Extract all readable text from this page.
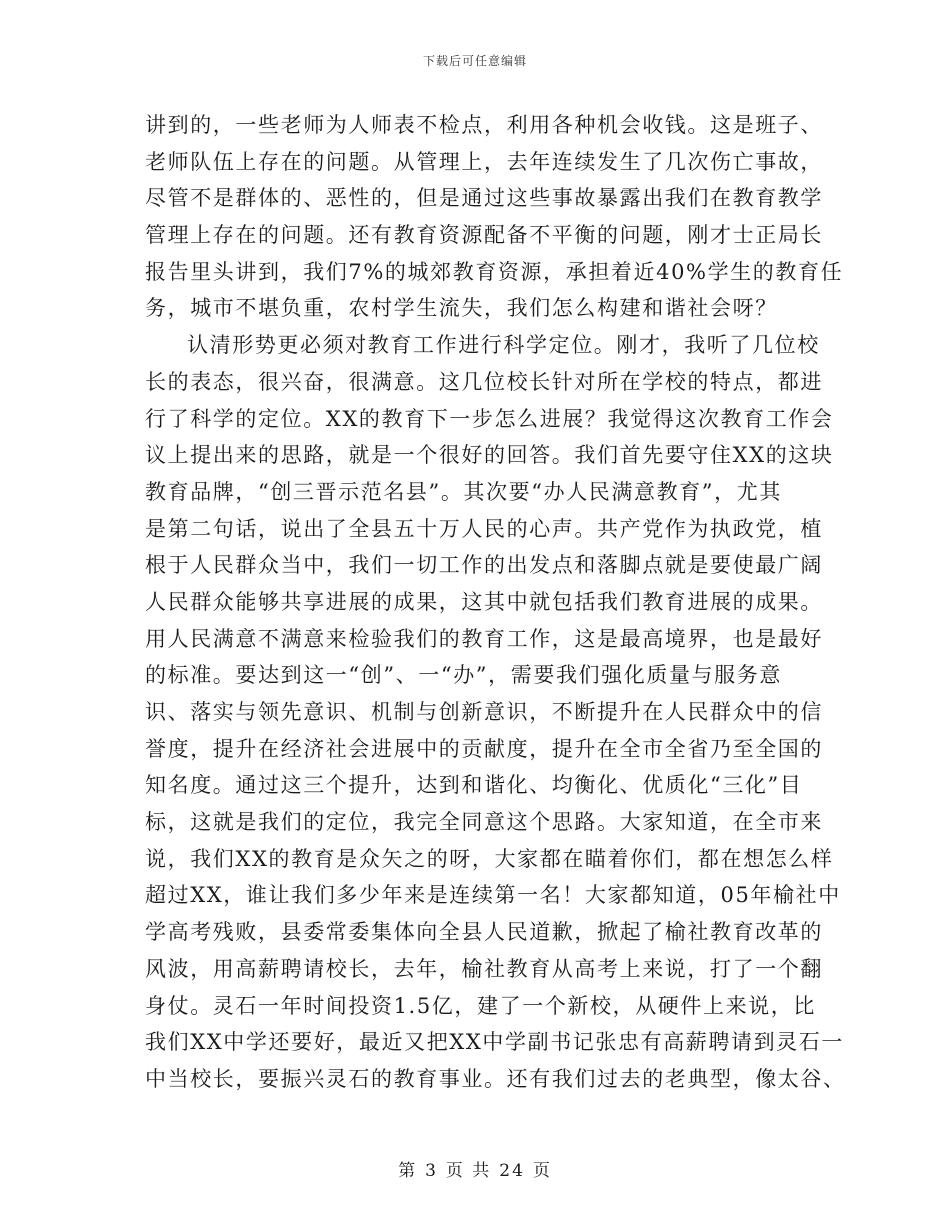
下载后可任意编辑
讲到的，一些老师为人师表不检点，利用各种机会收钱。这是班子、
老师队伍上存在的问题。从管理上，去年连续发生了几次伤亡事故，
尽管不是群体的、恶性的，但是通过这些事故暴露出我们在教育教学
管理上存在的问题。还有教育资源配备不平衡的问题，刚才士正局长
报告里头讲到，我们7%的城郊教育资源，承担着近40%学生的教育任
务，城市不堪负重，农村学生流失，我们怎么构建和谐社会呀？
认清形势更必须对教育工作进行科学定位。刚才，我听了几位校
长的表态，很兴奋，很满意。这几位校长针对所在学校的特点，都进
行了科学的定位。XX的教育下一步怎么进展？我觉得这次教育工作会
议上提出来的思路，就是一个很好的回答。我们首先要守住XX的这块
教育品牌，“创三晋示范名县”。其次要“办人民满意教育”，尤其
是第二句话，说出了全县五十万人民的心声。共产党作为执政党，植
根于人民群众当中，我们一切工作的出发点和落脚点就是要使最广阔
人民群众能够共享进展的成果，这其中就包括我们教育进展的成果。
用人民满意不满意来检验我们的教育工作，这是最高境界，也是最好
的标准。要达到这一“创”、一“办”，需要我们强化质量与服务意
识、落实与领先意识、机制与创新意识，不断提升在人民群众中的信
誉度，提升在经济社会进展中的贡献度，提升在全市全省乃至全国的
知名度。通过这三个提升，达到和谐化、均衡化、优质化“三化”目
标，这就是我们的定位，我完全同意这个思路。大家知道，在全市来
说，我们XX的教育是众矢之的呀，大家都在瞄着你们，都在想怎么样
超过XX，谁让我们多少年来是连续第一名！大家都知道，05年榆社中
学高考残败，县委常委集体向全县人民道歉，掀起了榆社教育改革的
风波，用高薪聘请校长，去年，榆社教育从高考上来说，打了一个翻
身仗。灵石一年时间投资1.5亿，建了一个新校，从硬件上来说，比
我们XX中学还要好，最近又把XX中学副书记张忠有高薪聘请到灵石一
中当校长，要振兴灵石的教育事业。还有我们过去的老典型，像太谷、
第 3 页 共 24 页
